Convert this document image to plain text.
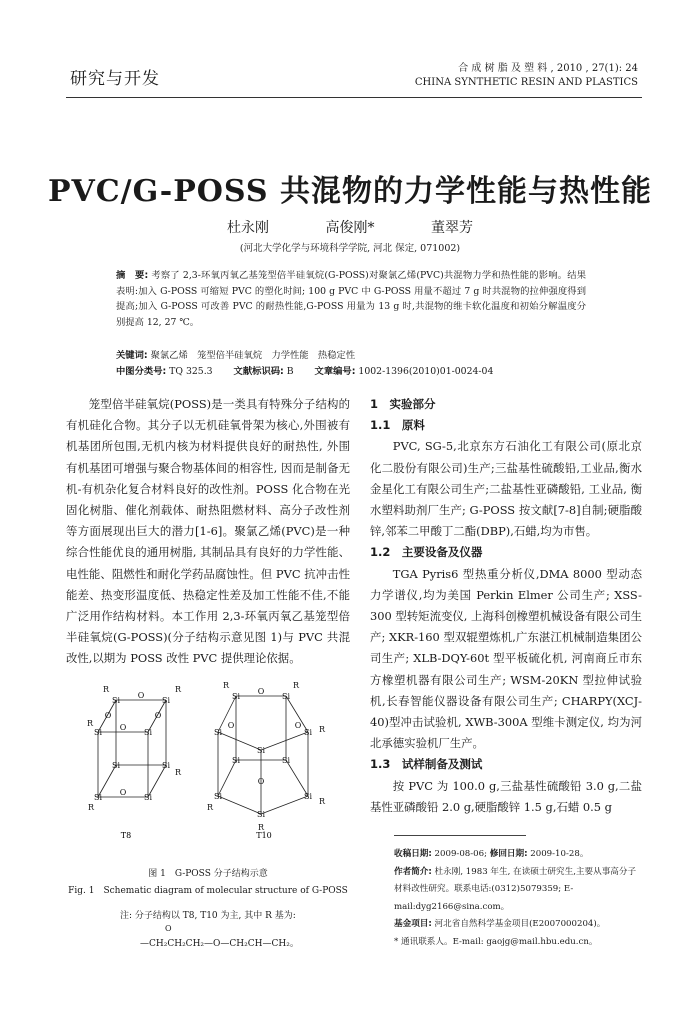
研究与开发
合 成 树 脂 及 塑 料 , 2010 , 27(1): 24
CHINA SYNTHETIC RESIN AND PLASTICS
PVC/G-POSS 共混物的力学性能与热性能
杜永刚	高俊刚*	董翠芳
(河北大学化学与环境科学学院, 河北 保定, 071002)
摘　要: 考察了 2,3-环氧丙氧乙基笼型倍半硅氧烷(G-POSS)对聚氯乙烯(PVC)共混物力学和热性能的影响。结果表明:加入 G-POSS 可缩短 PVC 的塑化时间; 100 g PVC 中 G-POSS 用量不超过 7 g 时共混物的拉伸强度得到提高;加入 G-POSS 可改善 PVC 的耐热性能,G-POSS 用量为 13 g 时,共混物的维卡软化温度和初始分解温度分别提高 12, 27 ℃。
关键词: 聚氯乙烯　笼型倍半硅氧烷　力学性能　热稳定性
中图分类号: TQ 325.3 文献标识码: B 文章编号: 1002-1396(2010)01-0024-04

笼型倍半硅氧烷(POSS)是一类具有特殊分子结构的有机硅化合物。其分子以无机硅氧骨架为核心,外围被有机基团所包围,无机内核为材料提供良好的耐热性, 外围有机基团可增强与聚合物基体间的相容性, 因而是制备无机-有机杂化复合材料良好的改性剂。POSS 化合物在光固化树脂、催化剂载体、耐热阻燃材料、高分子改性剂等方面展现出巨大的潜力[1-6]。聚氯乙烯(PVC)是一种综合性能优良的通用树脂, 其制品具有良好的力学性能、电性能、阻燃性和耐化学药品腐蚀性。但 PVC 抗冲击性能差、热变形温度低、热稳定性差及加工性能不佳,不能广泛用作结构材料。本工作用 2,3-环氧丙氧乙基笼型倍半硅氧烷(G-POSS)(分子结构示意见图 1)与 PVC 共混改性,以期为 POSS 改性 PVC 提供理论依据。

Si	Si
Si	Si
Si	Si
Si	Si
O
O
O
O	O
R	R
R
R
R
Si	Si
Si	Si
Si
Si	Si
Si	Si
Si
O
O	O
O
R	R
R
R
R
R
T8	T10
图 1　G-POSS 分子结构示意
Fig. 1　Schematic diagram of molecular structure of G-POSS
注: 分子结构以 T8, T10 为主, 其中 R 基为:
O
—CH₂CH₂CH₂—O—CH₂CH—CH₂。
1　实验部分
1.1　原料

PVC, SG-5,北京东方石油化工有限公司(原北京化二股份有限公司)生产;三盐基性硫酸铅,工业品,衡水金星化工有限公司生产;二盐基性亚磷酸铅, 工业品, 衡水塑料助剂厂生产; G-POSS 按文献[7-8]自制;硬脂酸锌,邻苯二甲酸丁二酯(DBP),石蜡,均为市售。

1.2　主要设备及仪器

TGA Pyris6 型热重分析仪,DMA 8000 型动态力学谱仪,均为美国 Perkin Elmer 公司生产; XSS-300 型转矩流变仪, 上海科创橡塑机械设备有限公司生产; XKR-160 型双辊塑炼机,广东湛江机械制造集团公司生产; XLB-DQY-60t 型平板硫化机, 河南商丘市东方橡塑机器有限公司生产; WSM-20KN 型拉伸试验机,长春智能仪器设备有限公司生产; CHARPY(XCJ-40)型冲击试验机, XWB-300A 型维卡测定仪, 均为河北承德实验机厂生产。

1.3　试样制备及测试

按 PVC 为 100.0 g,三盐基性硫酸铅 3.0 g,二盐基性亚磷酸铅 2.0 g,硬脂酸锌 1.5 g,石蜡 0.5 g

收稿日期: 2009-08-06; 修回日期: 2009-10-28。
作者简介: 杜永刚, 1983 年生, 在读硕士研究生,主要从事高分子材料改性研究。联系电话:(0312)5079359; E-mail:dyg2166@sina.com。
基金项目: 河北省自然科学基金项目(E2007000204)。
* 通讯联系人。E-mail: gaojg@mail.hbu.edu.cn。
